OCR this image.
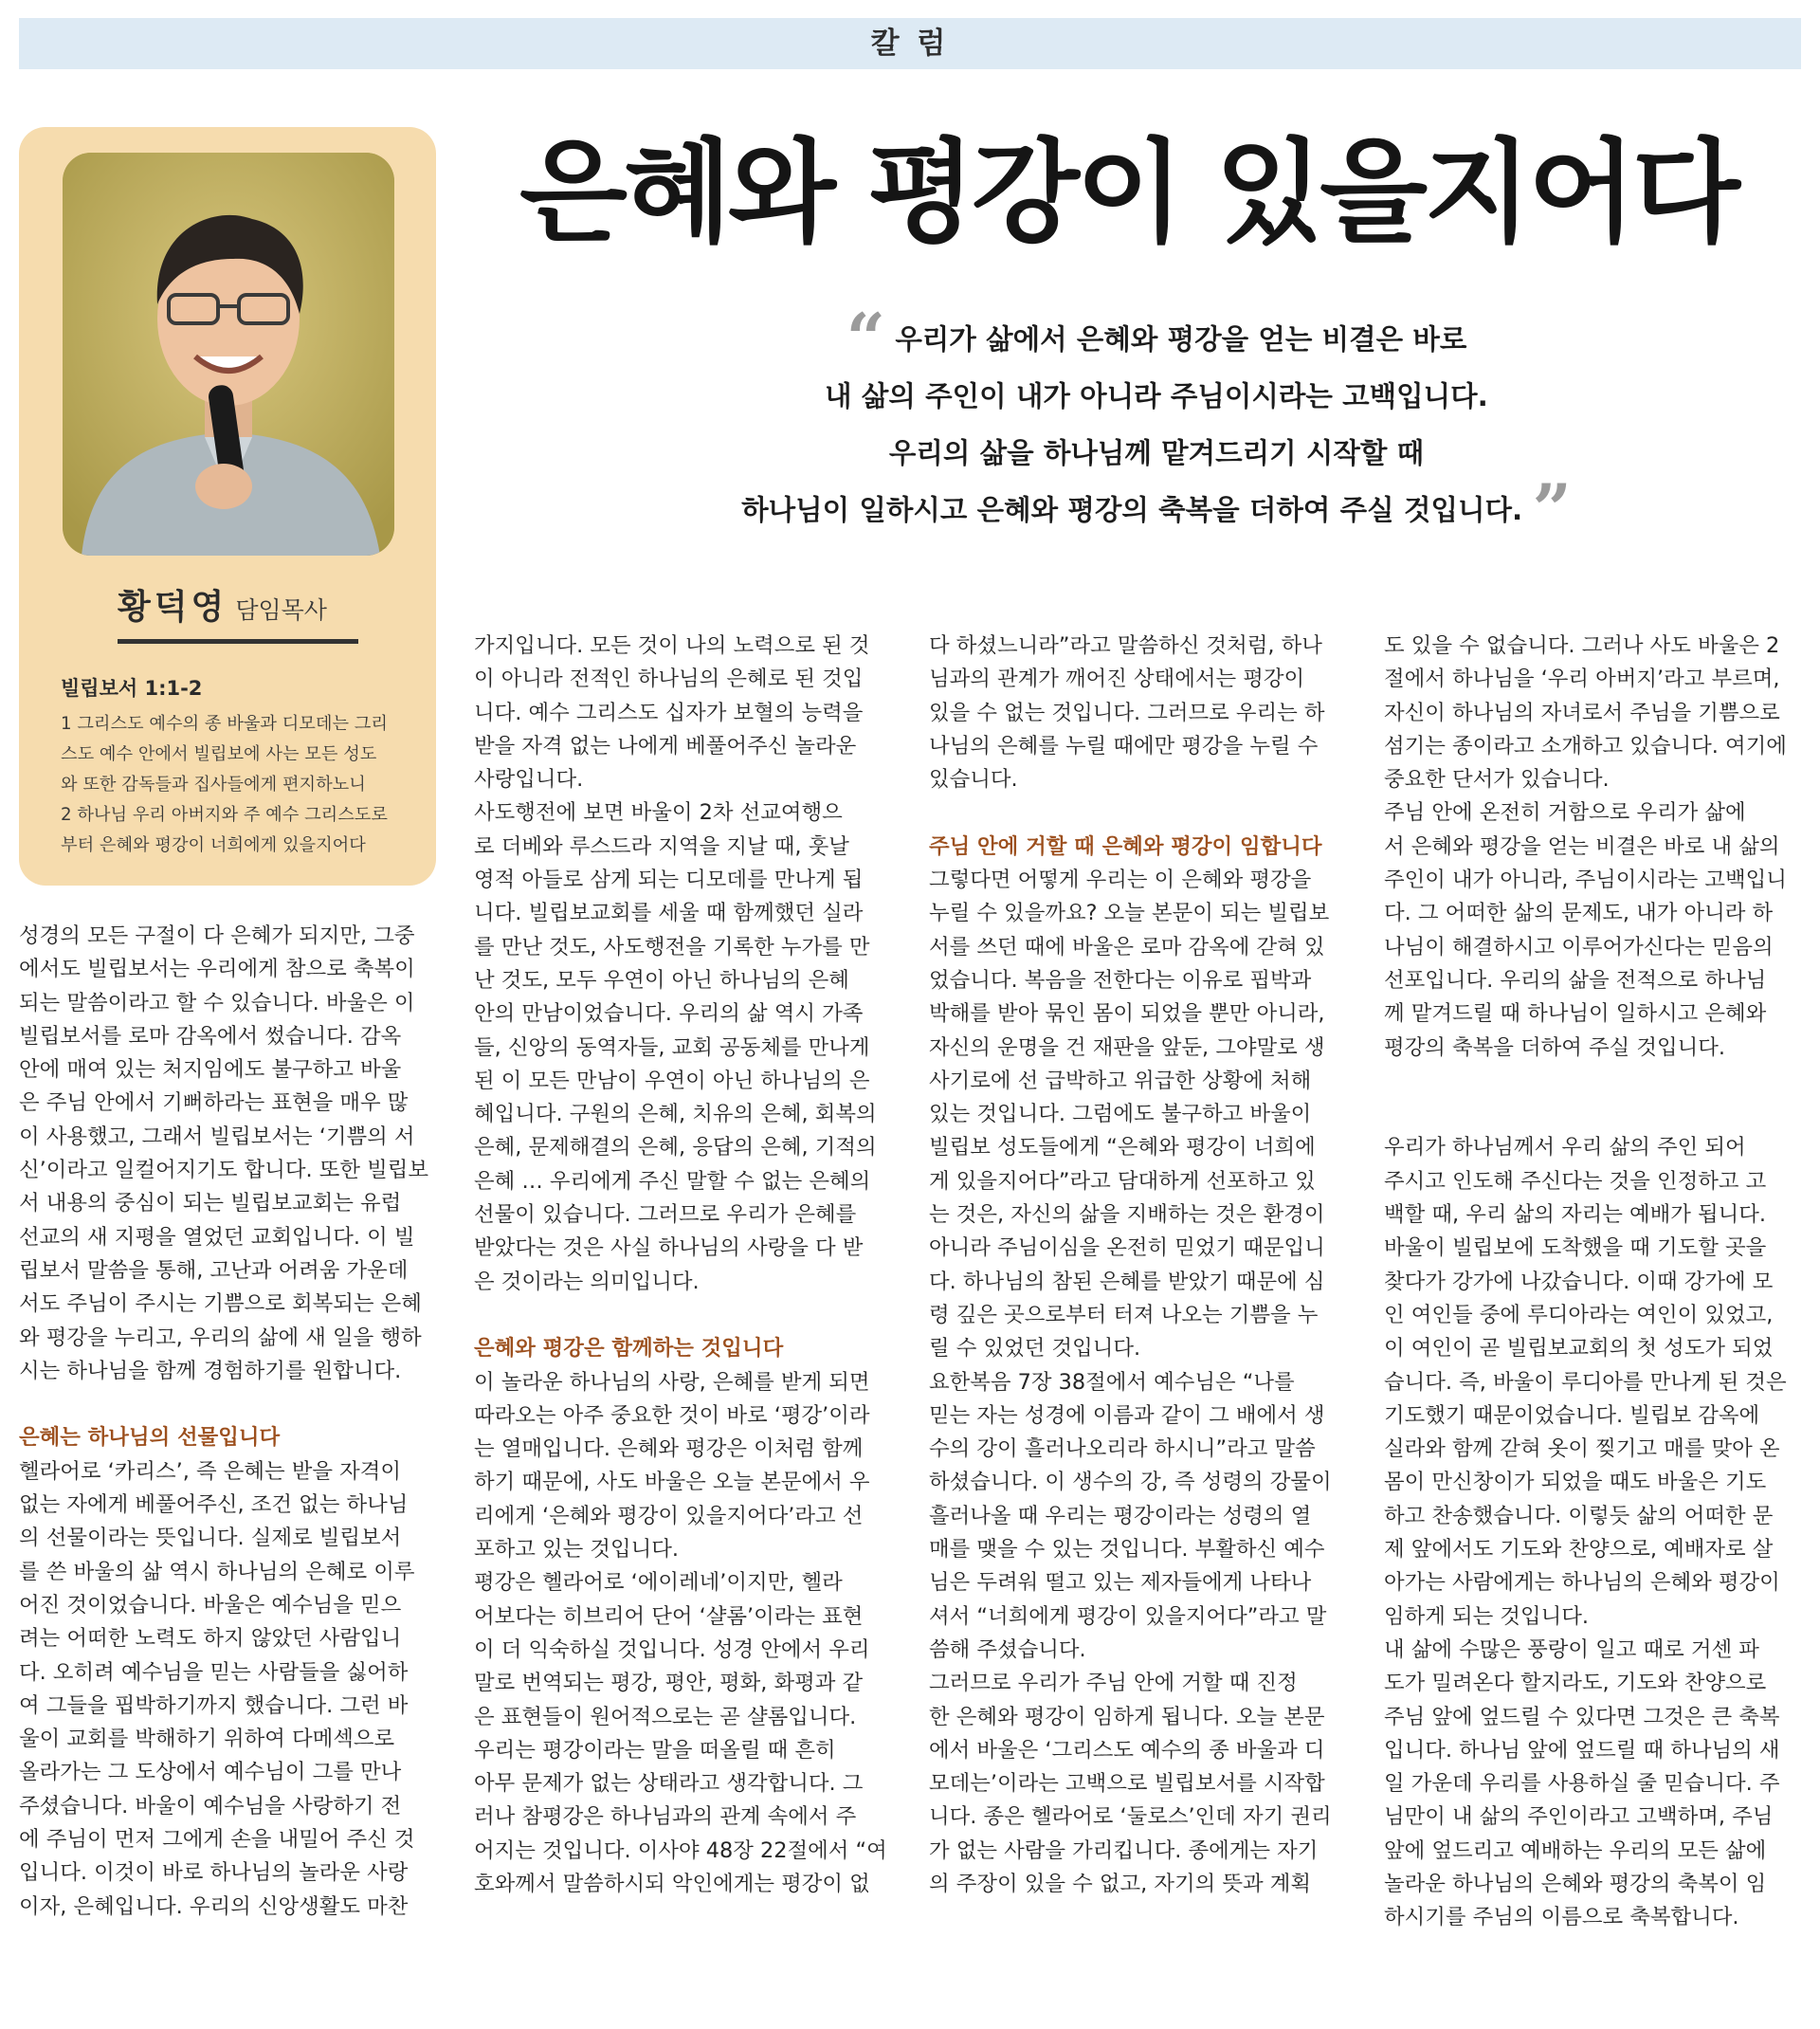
칼 럼
은혜와 평강이 있을지어다
“ 우리가 삶에서 은혜와 평강을 얻는 비결은 바로
내 삶의 주인이 내가 아니라 주님이시라는 고백입니다.
우리의 삶을 하나님께 맡겨드리기 시작할 때
하나님이 일하시고 은혜와 평강의 축복을 더하여 주실 것입니다. ”
황덕영 담임목사
빌립보서 1:1-2
1 그리스도 예수의 종 바울과 디모데는 그리
스도 예수 안에서 빌립보에 사는 모든 성도
와 또한 감독들과 집사들에게 편지하노니
2 하나님 우리 아버지와 주 예수 그리스도로
부터 은혜와 평강이 너희에게 있을지어다
성경의 모든 구절이 다 은혜가 되지만, 그중
에서도 빌립보서는 우리에게 참으로 축복이
되는 말씀이라고 할 수 있습니다. 바울은 이
빌립보서를 로마 감옥에서 썼습니다. 감옥
안에 매여 있는 처지임에도 불구하고 바울
은 주님 안에서 기뻐하라는 표현을 매우 많
이 사용했고, 그래서 빌립보서는 ‘기쁨의 서
신’이라고 일컬어지기도 합니다. 또한 빌립보
서 내용의 중심이 되는 빌립보교회는 유럽
선교의 새 지평을 열었던 교회입니다. 이 빌
립보서 말씀을 통해, 고난과 어려움 가운데
서도 주님이 주시는 기쁨으로 회복되는 은혜
와 평강을 누리고, 우리의 삶에 새 일을 행하
시는 하나님을 함께 경험하기를 원합니다.
은혜는 하나님의 선물입니다
헬라어로 ‘카리스’, 즉 은혜는 받을 자격이
없는 자에게 베풀어주신, 조건 없는 하나님
의 선물이라는 뜻입니다. 실제로 빌립보서
를 쓴 바울의 삶 역시 하나님의 은혜로 이루
어진 것이었습니다. 바울은 예수님을 믿으
려는 어떠한 노력도 하지 않았던 사람입니
다. 오히려 예수님을 믿는 사람들을 싫어하
여 그들을 핍박하기까지 했습니다. 그런 바
울이 교회를 박해하기 위하여 다메섹으로
올라가는 그 도상에서 예수님이 그를 만나
주셨습니다. 바울이 예수님을 사랑하기 전
에 주님이 먼저 그에게 손을 내밀어 주신 것
입니다. 이것이 바로 하나님의 놀라운 사랑
이자, 은혜입니다. 우리의 신앙생활도 마찬
가지입니다. 모든 것이 나의 노력으로 된 것
이 아니라 전적인 하나님의 은혜로 된 것입
니다. 예수 그리스도 십자가 보혈의 능력을
받을 자격 없는 나에게 베풀어주신 놀라운
사랑입니다.
사도행전에 보면 바울이 2차 선교여행으
로 더베와 루스드라 지역을 지날 때, 훗날
영적 아들로 삼게 되는 디모데를 만나게 됩
니다. 빌립보교회를 세울 때 함께했던 실라
를 만난 것도, 사도행전을 기록한 누가를 만
난 것도, 모두 우연이 아닌 하나님의 은혜
안의 만남이었습니다. 우리의 삶 역시 가족
들, 신앙의 동역자들, 교회 공동체를 만나게
된 이 모든 만남이 우연이 아닌 하나님의 은
혜입니다. 구원의 은혜, 치유의 은혜, 회복의
은혜, 문제해결의 은혜, 응답의 은혜, 기적의
은혜 … 우리에게 주신 말할 수 없는 은혜의
선물이 있습니다. 그러므로 우리가 은혜를
받았다는 것은 사실 하나님의 사랑을 다 받
은 것이라는 의미입니다.
은혜와 평강은 함께하는 것입니다
이 놀라운 하나님의 사랑, 은혜를 받게 되면
따라오는 아주 중요한 것이 바로 ‘평강’이라
는 열매입니다. 은혜와 평강은 이처럼 함께
하기 때문에, 사도 바울은 오늘 본문에서 우
리에게 ‘은혜와 평강이 있을지어다’라고 선
포하고 있는 것입니다.
평강은 헬라어로 ‘에이레네’이지만, 헬라
어보다는 히브리어 단어 ‘샬롬’이라는 표현
이 더 익숙하실 것입니다. 성경 안에서 우리
말로 번역되는 평강, 평안, 평화, 화평과 같
은 표현들이 원어적으로는 곧 샬롬입니다.
우리는 평강이라는 말을 떠올릴 때 흔히
아무 문제가 없는 상태라고 생각합니다. 그
러나 참평강은 하나님과의 관계 속에서 주
어지는 것입니다. 이사야 48장 22절에서 “여
호와께서 말씀하시되 악인에게는 평강이 없
다 하셨느니라”라고 말씀하신 것처럼, 하나
님과의 관계가 깨어진 상태에서는 평강이
있을 수 없는 것입니다. 그러므로 우리는 하
나님의 은혜를 누릴 때에만 평강을 누릴 수
있습니다.
주님 안에 거할 때 은혜와 평강이 임합니다
그렇다면 어떻게 우리는 이 은혜와 평강을
누릴 수 있을까요? 오늘 본문이 되는 빌립보
서를 쓰던 때에 바울은 로마 감옥에 갇혀 있
었습니다. 복음을 전한다는 이유로 핍박과
박해를 받아 묶인 몸이 되었을 뿐만 아니라,
자신의 운명을 건 재판을 앞둔, 그야말로 생
사기로에 선 급박하고 위급한 상황에 처해
있는 것입니다. 그럼에도 불구하고 바울이
빌립보 성도들에게 “은혜와 평강이 너희에
게 있을지어다”라고 담대하게 선포하고 있
는 것은, 자신의 삶을 지배하는 것은 환경이
아니라 주님이심을 온전히 믿었기 때문입니
다. 하나님의 참된 은혜를 받았기 때문에 심
령 깊은 곳으로부터 터져 나오는 기쁨을 누
릴 수 있었던 것입니다.
요한복음 7장 38절에서 예수님은 “나를
믿는 자는 성경에 이름과 같이 그 배에서 생
수의 강이 흘러나오리라 하시니”라고 말씀
하셨습니다. 이 생수의 강, 즉 성령의 강물이
흘러나올 때 우리는 평강이라는 성령의 열
매를 맺을 수 있는 것입니다. 부활하신 예수
님은 두려워 떨고 있는 제자들에게 나타나
셔서 “너희에게 평강이 있을지어다”라고 말
씀해 주셨습니다.
그러므로 우리가 주님 안에 거할 때 진정
한 은혜와 평강이 임하게 됩니다. 오늘 본문
에서 바울은 ‘그리스도 예수의 종 바울과 디
모데는’이라는 고백으로 빌립보서를 시작합
니다. 종은 헬라어로 ‘둘로스’인데 자기 권리
가 없는 사람을 가리킵니다. 종에게는 자기
의 주장이 있을 수 없고, 자기의 뜻과 계획
도 있을 수 없습니다. 그러나 사도 바울은 2
절에서 하나님을 ‘우리 아버지’라고 부르며,
자신이 하나님의 자녀로서 주님을 기쁨으로
섬기는 종이라고 소개하고 있습니다. 여기에
중요한 단서가 있습니다.
주님 안에 온전히 거함으로 우리가 삶에
서 은혜와 평강을 얻는 비결은 바로 내 삶의
주인이 내가 아니라, 주님이시라는 고백입니
다. 그 어떠한 삶의 문제도, 내가 아니라 하
나님이 해결하시고 이루어가신다는 믿음의
선포입니다. 우리의 삶을 전적으로 하나님
께 맡겨드릴 때 하나님이 일하시고 은혜와
평강의 축복을 더하여 주실 것입니다.
우리가 하나님께서 우리 삶의 주인 되어
주시고 인도해 주신다는 것을 인정하고 고
백할 때, 우리 삶의 자리는 예배가 됩니다.
바울이 빌립보에 도착했을 때 기도할 곳을
찾다가 강가에 나갔습니다. 이때 강가에 모
인 여인들 중에 루디아라는 여인이 있었고,
이 여인이 곧 빌립보교회의 첫 성도가 되었
습니다. 즉, 바울이 루디아를 만나게 된 것은
기도했기 때문이었습니다. 빌립보 감옥에
실라와 함께 갇혀 옷이 찢기고 매를 맞아 온
몸이 만신창이가 되었을 때도 바울은 기도
하고 찬송했습니다. 이렇듯 삶의 어떠한 문
제 앞에서도 기도와 찬양으로, 예배자로 살
아가는 사람에게는 하나님의 은혜와 평강이
임하게 되는 것입니다.
내 삶에 수많은 풍랑이 일고 때로 거센 파
도가 밀려온다 할지라도, 기도와 찬양으로
주님 앞에 엎드릴 수 있다면 그것은 큰 축복
입니다. 하나님 앞에 엎드릴 때 하나님의 새
일 가운데 우리를 사용하실 줄 믿습니다. 주
님만이 내 삶의 주인이라고 고백하며, 주님
앞에 엎드리고 예배하는 우리의 모든 삶에
놀라운 하나님의 은혜와 평강의 축복이 임
하시기를 주님의 이름으로 축복합니다.
